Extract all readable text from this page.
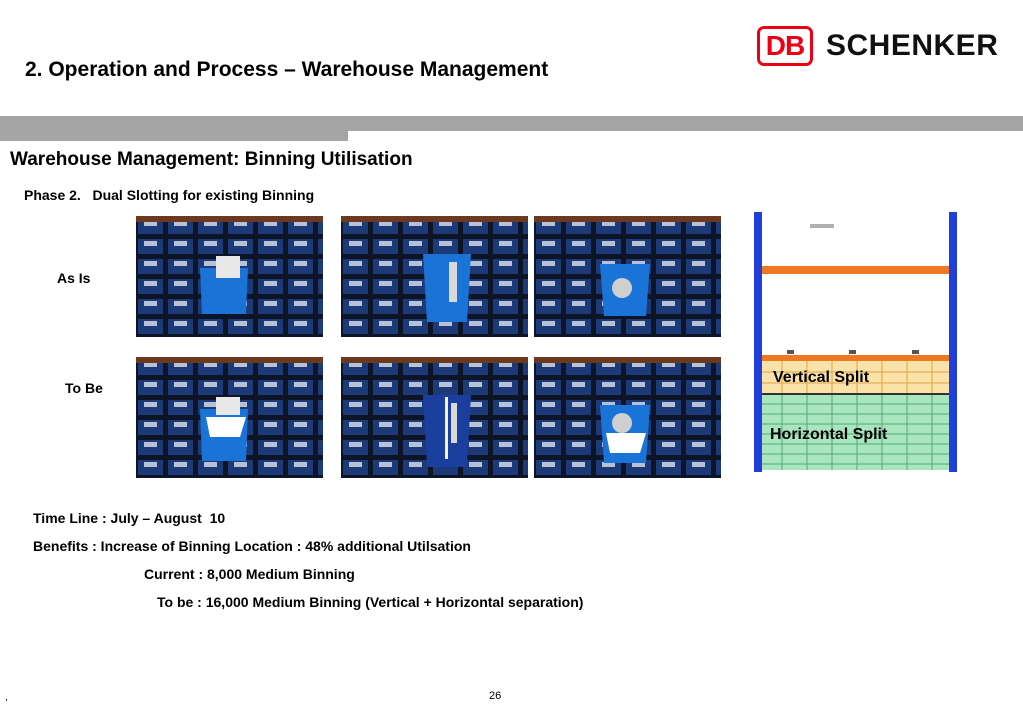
2. Operation and Process – Warehouse Management
DB SCHENKER
Warehouse Management: Binning Utilisation
Phase 2.   Dual Slotting for existing Binning
As Is
To Be
Vertical Split
Horizontal Split
Time Line : July – August  10
Benefits : Increase of Binning Location : 48% additional Utilsation
Current : 8,000 Medium Binning
To be : 16,000 Medium Binning (Vertical + Horizontal separation)
,	26
